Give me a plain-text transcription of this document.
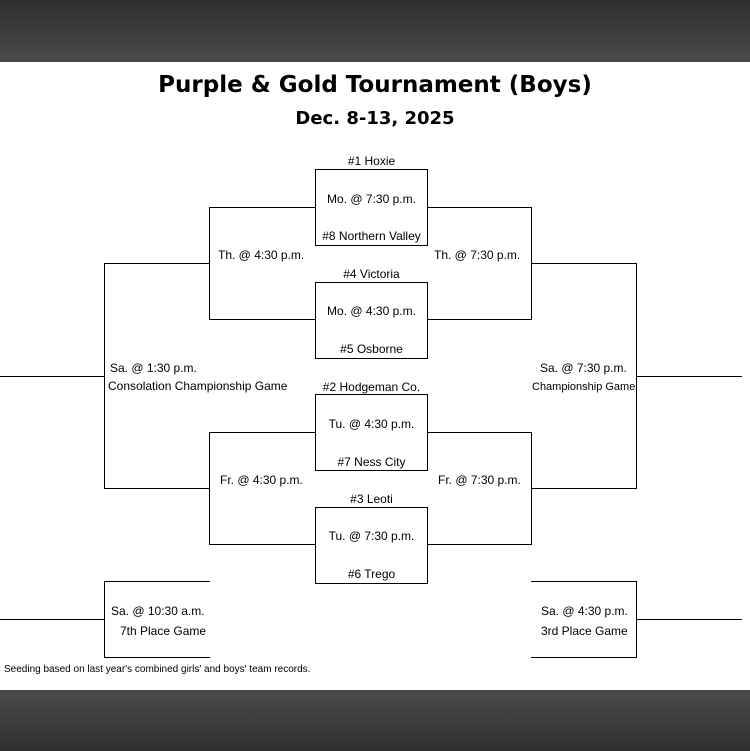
Purple & Gold Tournament (Boys)
Dec. 8-13, 2025
#1 Hoxie
Mo. @ 7:30 p.m.
#8 Northern Valley
#4 Victoria
Mo. @ 4:30 p.m.
#5 Osborne
#2 Hodgeman Co.
Tu. @ 4:30 p.m.
#7 Ness City
#3 Leoti
Tu. @ 7:30 p.m.
#6 Trego
Th. @ 4:30 p.m.
Fr. @ 4:30 p.m.
Th. @ 7:30 p.m.
Fr. @ 7:30 p.m.
Sa. @ 1:30 p.m.
Consolation Championship Game
Sa. @ 7:30 p.m.
Championship Game
Sa. @ 10:30 a.m.
7th Place Game
Sa. @ 4:30 p.m.
3rd Place Game
Seeding based on last year's combined girls' and boys' team records.
